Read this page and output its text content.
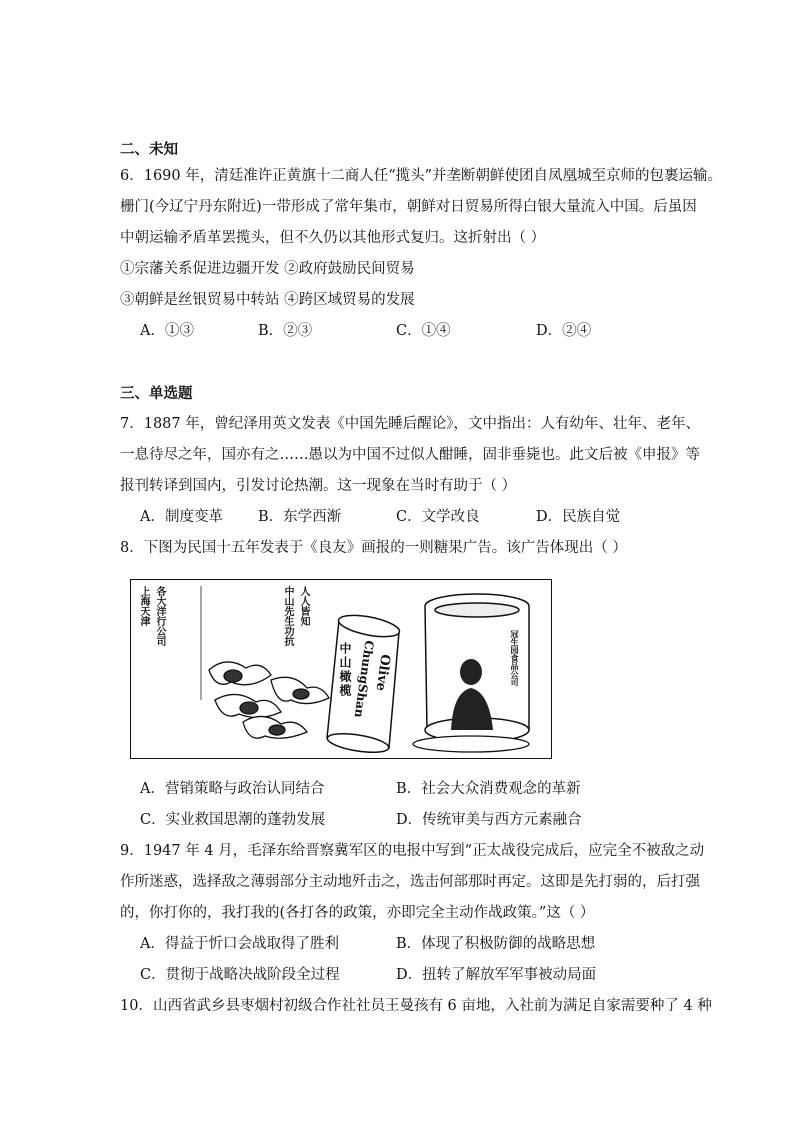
二、未知
6．1690 年，清廷准许正黄旗十二商人任“揽头”并垄断朝鲜使团自凤凰城至京师的包裹运输。
栅门(今辽宁丹东附近)一带形成了常年集市，朝鲜对日贸易所得白银大量流入中国。后虽因
中朝运输矛盾革罢揽头，但不久仍以其他形式复归。这折射出（ ）
①宗藩关系促进边疆开发 ②政府鼓励民间贸易
③朝鲜是丝银贸易中转站 ④跨区域贸易的发展
A．①③	B．②③	C．①④	D．②④
三、单选题
7．1887 年，曾纪泽用英文发表《中国先睡后醒论》，文中指出：人有幼年、壮年、老年、
一息待尽之年，国亦有之……愚以为中国不过似人酣睡，固非垂毙也。此文后被《申报》等
报刊转译到国内，引发讨论热潮。这一现象在当时有助于（ ）
A．制度变革 B．东学西渐	C．文学改良	D．民族自觉
8．下图为民国十五年发表于《良友》画报的一则糖果广告。该广告体现出（ ）
上海天津 各大洋行公司	中山先生功抗 人人皆知
中山橄榄 ChungShan
Olive	冠生园食品公司
A．营销策略与政治认同结合	B．社会大众消费观念的革新
C．实业救国思潮的蓬勃发展	D．传统审美与西方元素融合
9．1947 年 4 月，毛泽东给晋察冀军区的电报中写到“正太战役完成后，应完全不被敌之动
作所迷惑，选择敌之薄弱部分主动地歼击之，选击何部那时再定。这即是先打弱的，后打强
的，你打你的，我打我的(各打各的政策，亦即完全主动作战政策。”这（ ）
A．得益于忻口会战取得了胜利	B．体现了积极防御的战略思想
C．贯彻于战略决战阶段全过程	D．扭转了解放军军事被动局面
10．山西省武乡县枣烟村初级合作社社员王曼孩有 6 亩地，入社前为满足自家需要种了 4 种
